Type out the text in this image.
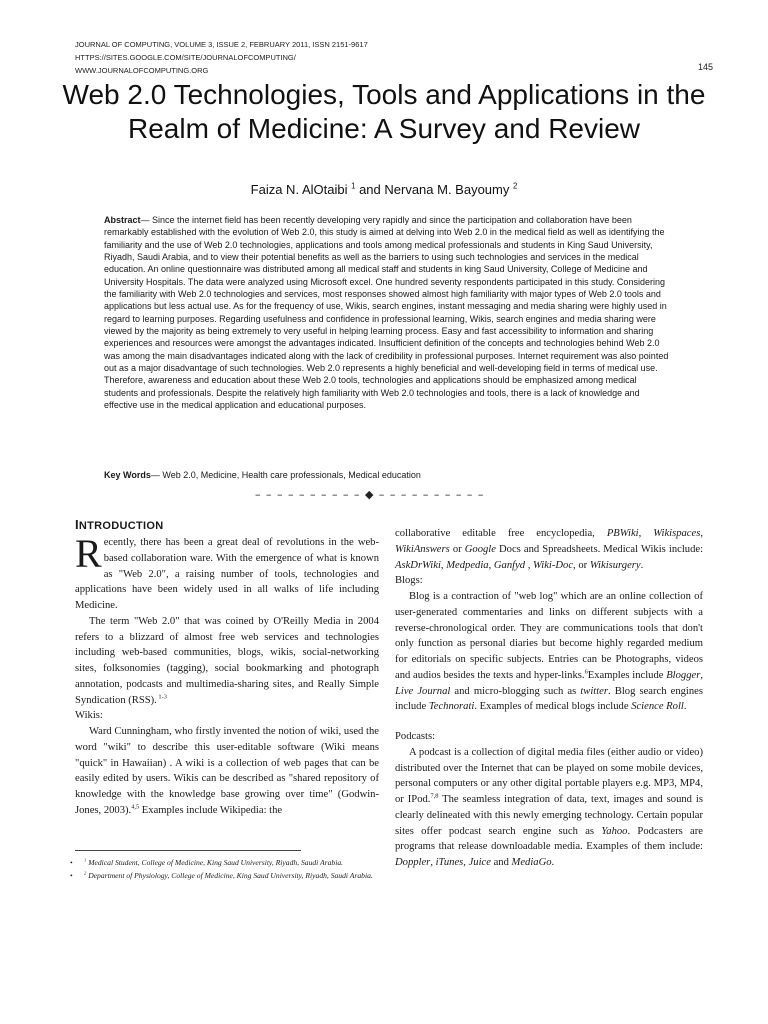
JOURNAL OF COMPUTING, VOLUME 3, ISSUE 2, FEBRUARY 2011, ISSN 2151-9617
HTTPS://SITES.GOOGLE.COM/SITE/JOURNALOFCOMPUTING/
WWW.JOURNALOFCOMPUTING.ORG	145
Web 2.0 Technologies, Tools and Applications in the Realm of Medicine: A Survey and Review
Faiza N. AlOtaibi $^1$ and Nervana M. Bayoumy $^2$
Abstract— Since the internet field has been recently developing very rapidly and since the participation and collaboration have been remarkably established with the evolution of Web 2.0, this study is aimed at delving into Web 2.0 in the medical field as well as identifying the familiarity and the use of Web 2.0 technologies, applications and tools among medical professionals and students in King Saud University, Riyadh, Saudi Arabia, and to view their potential benefits as well as the barriers to using such technologies and services in the medical education. An online questionnaire was distributed among all medical staff and students in king Saud University, College of Medicine and University Hospitals. The data were analyzed using Microsoft excel. One hundred seventy respondents participated in this study. Considering the familiarity with Web 2.0 technologies and services, most responses showed almost high familiarity with major types of Web 2.0 tools and applications but less actual use. As for the frequency of use, Wikis, search engines, instant messaging and media sharing were highly used in regard to learning purposes. Regarding usefulness and confidence in professional learning, Wikis, search engines and media sharing were viewed by the majority as being extremely to very useful in helping learning process. Easy and fast accessibility to information and sharing experiences and resources were amongst the advantages indicated. Insufficient definition of the concepts and technologies behind Web 2.0 was among the main disadvantages indicated along with the lack of credibility in professional purposes. Internet requirement was also pointed out as a major disadvantage of such technologies. Web 2.0 represents a highly beneficial and well-developing field in terms of medical use. Therefore, awareness and education about these Web 2.0 tools, technologies and applications should be emphasized among medical students and professionals. Despite the relatively high familiarity with Web 2.0 technologies and tools, there is a lack of knowledge and effective use in the medical application and educational purposes.
Key Words— Web 2.0, Medicine, Health care professionals, Medical education
– – – – – – – – – – ◆ – – – – – – – – – –
INTRODUCTION

Recently, there has been a great deal of revolutions in the web-based collaboration ware. With the emergence of what is known as "Web 2.0", a raising number of tools, technologies and applications have been widely used in all walks of life including Medicine.

The term "Web 2.0" that was coined by O'Reilly Media in 2004 refers to a blizzard of almost free web services and technologies including web-based communities, blogs, wikis, social-networking sites, folksonomies (tagging), social bookmarking and photograph annotation, podcasts and multimedia-sharing sites, and Really Simple Syndication (RSS). $^{1-3}$

Wikis:

Ward Cunningham, who firstly invented the notion of wiki, used the word "wiki" to describe this user-editable software (Wiki means "quick" in Hawaiian) . A wiki is a collection of web pages that can be easily edited by users. Wikis can be described as "shared repository of knowledge with the knowledge base growing over time" (Godwin-Jones, 2003).$^{4,5}$ Examples include Wikipedia: the

• $^1$ Medical Student, College of Medicine, King Saud University, Riyadh, Saudi Arabia.
• $^2$ Department of Physiology, College of Medicine, King Saud University, Riyadh, Saudi Arabia.

collaborative editable free encyclopedia, PBWiki, Wikispaces, WikiAnswers or Google Docs and Spreadsheets. Medical Wikis include: AskDrWiki, Medpedia, Ganfyd , Wiki-Doc, or Wikisurgery.

Blogs:

Blog is a contraction of "web log" which are an online collection of user-generated commentaries and links on different subjects with a reverse-chronological order. They are communications tools that don't only function as personal diaries but become highly regarded medium for editorials on specific subjects. Entries can be Photographs, videos and audios besides the texts and hyper-links.$^6$Examples include Blogger, Live Journal and micro-blogging such as twitter. Blog search engines include Technorati. Examples of medical blogs include Science Roll.

Podcasts:

A podcast is a collection of digital media files (either audio or video) distributed over the Internet that can be played on some mobile devices, personal computers or any other digital portable players e.g. MP3, MP4, or IPod.$^{7,8}$ The seamless integration of data, text, images and sound is clearly delineated with this newly emerging technology. Certain popular sites offer podcast search engine such as Yahoo. Podcasters are programs that release downloadable media. Examples of them include: Doppler, iTunes, Juice and MediaGo.
